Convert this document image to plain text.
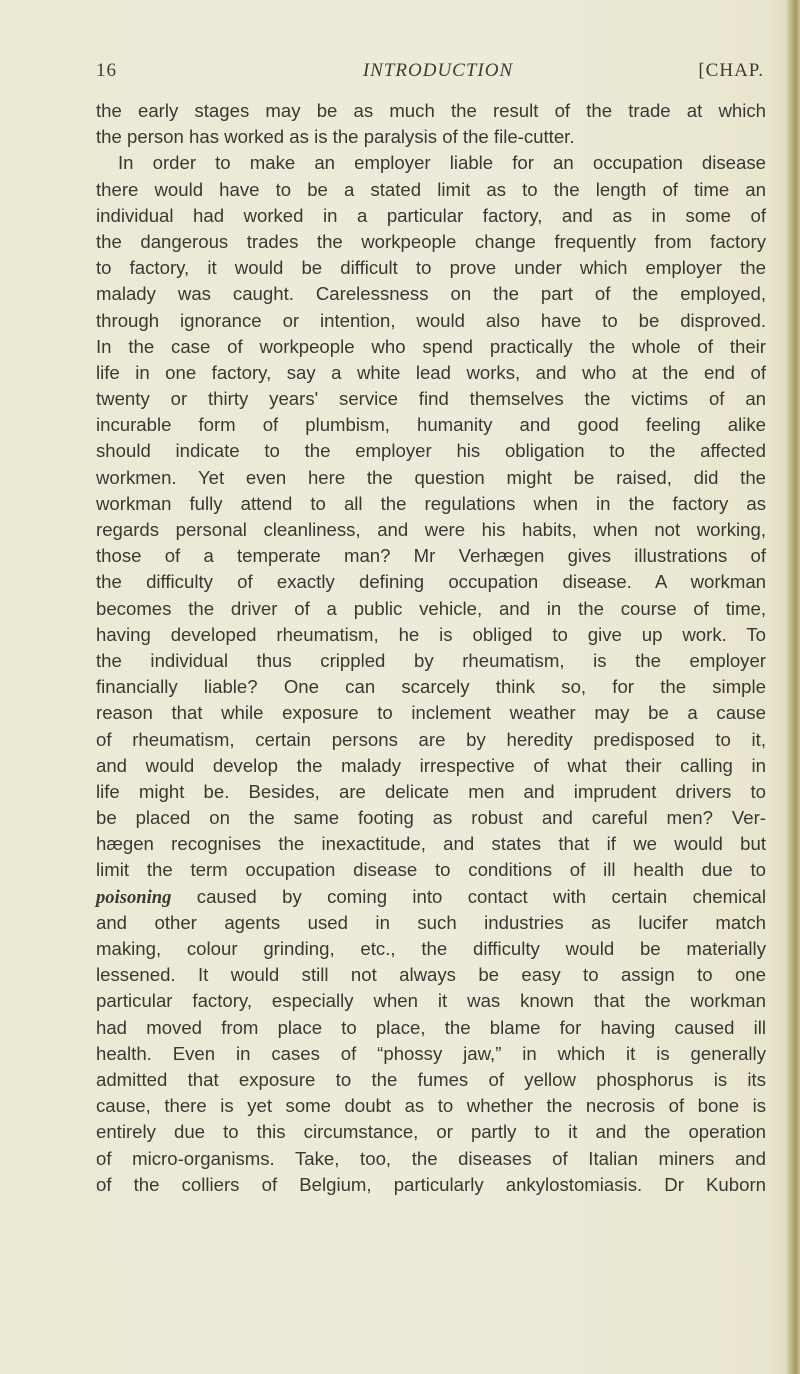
16	INTRODUCTION	[CHAP.
the early stages may be as much the result of the trade at which
the person has worked as is the paralysis of the file-cutter.
In order to make an employer liable for an occupation disease
there would have to be a stated limit as to the length of time an
individual had worked in a particular factory, and as in some of
the dangerous trades the workpeople change frequently from factory
to factory, it would be difficult to prove under which employer the
malady was caught. Carelessness on the part of the employed,
through ignorance or intention, would also have to be disproved.
In the case of workpeople who spend practically the whole of their
life in one factory, say a white lead works, and who at the end of
twenty or thirty years' service find themselves the victims of an
incurable form of plumbism, humanity and good feeling alike
should indicate to the employer his obligation to the affected
workmen. Yet even here the question might be raised, did the
workman fully attend to all the regulations when in the factory as
regards personal cleanliness, and were his habits, when not working,
those of a temperate man? Mr Verhægen gives illustrations of
the difficulty of exactly defining occupation disease. A workman
becomes the driver of a public vehicle, and in the course of time,
having developed rheumatism, he is obliged to give up work. To
the individual thus crippled by rheumatism, is the employer
financially liable? One can scarcely think so, for the simple
reason that while exposure to inclement weather may be a cause
of rheumatism, certain persons are by heredity predisposed to it,
and would develop the malady irrespective of what their calling in
life might be. Besides, are delicate men and imprudent drivers to
be placed on the same footing as robust and careful men? Ver-
hægen recognises the inexactitude, and states that if we would but
limit the term occupation disease to conditions of ill health due to
poisoning caused by coming into contact with certain chemical
and other agents used in such industries as lucifer match
making, colour grinding, etc., the difficulty would be materially
lessened. It would still not always be easy to assign to one
particular factory, especially when it was known that the workman
had moved from place to place, the blame for having caused ill
health. Even in cases of “phossy jaw,” in which it is generally
admitted that exposure to the fumes of yellow phosphorus is its
cause, there is yet some doubt as to whether the necrosis of bone is
entirely due to this circumstance, or partly to it and the operation
of micro-organisms. Take, too, the diseases of Italian miners and
of the colliers of Belgium, particularly ankylostomiasis. Dr Kuborn
